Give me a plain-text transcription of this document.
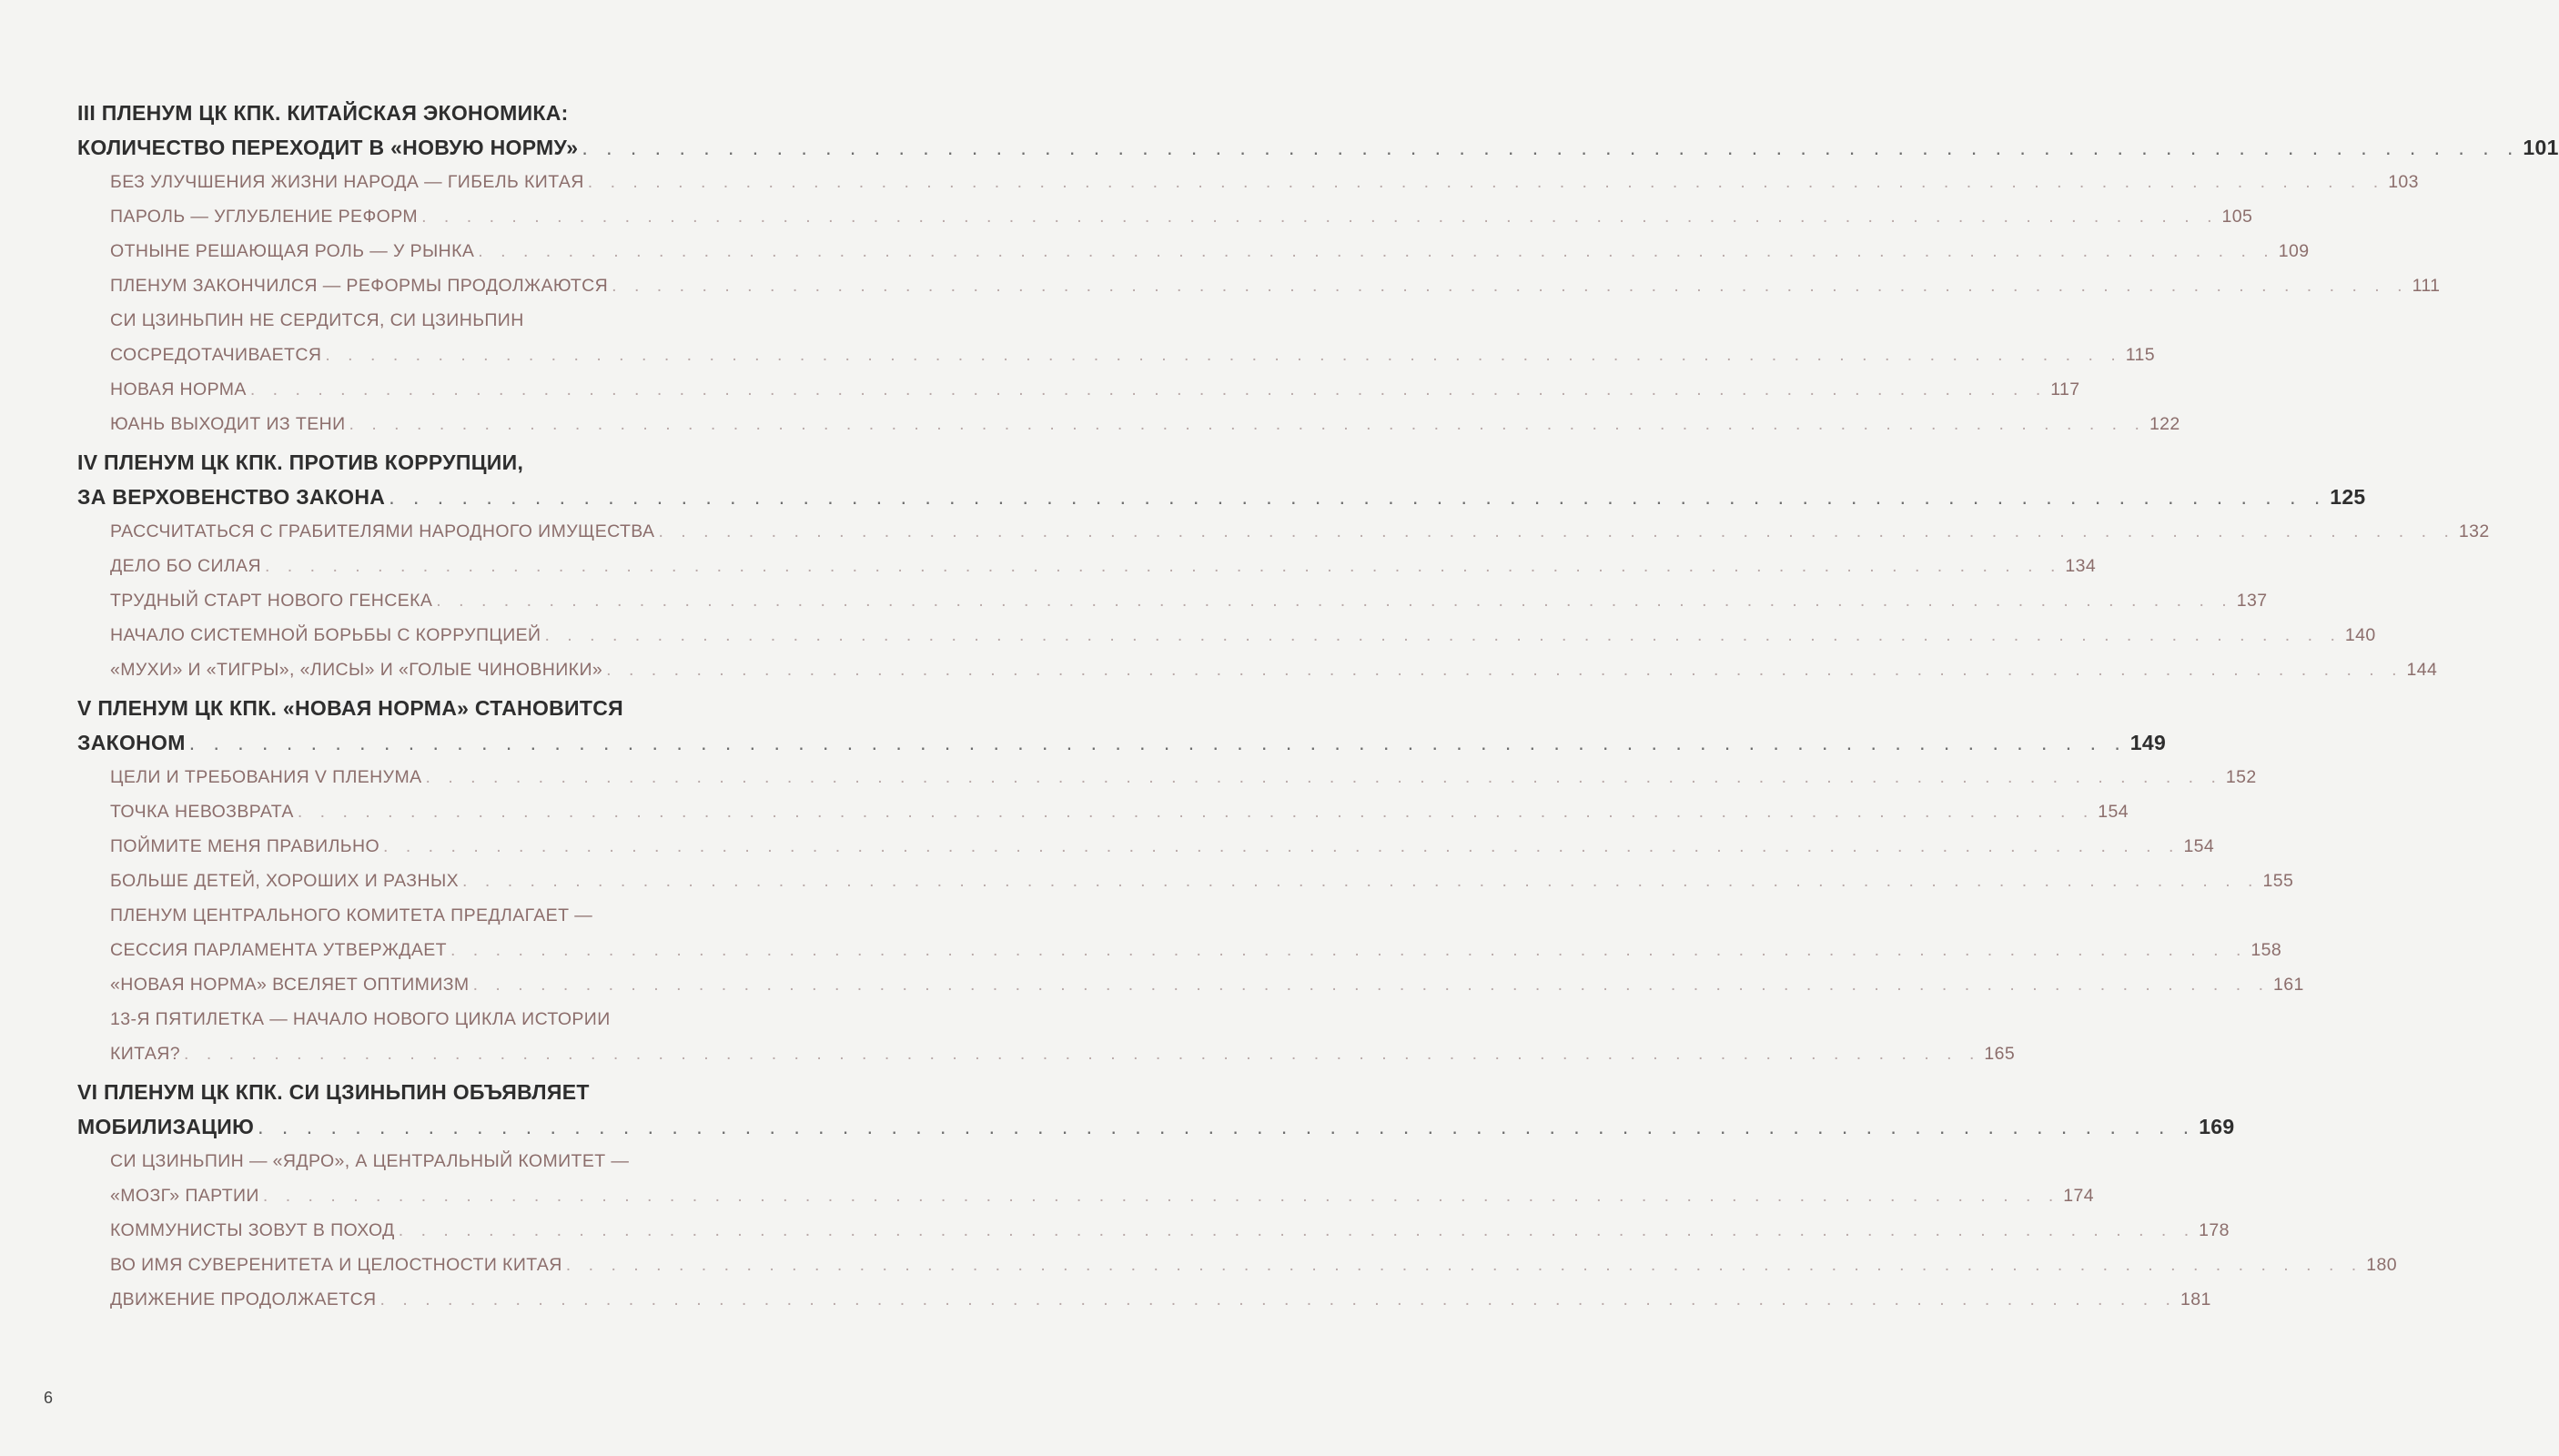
III ПЛЕНУМ ЦК КПК. КИТАЙСКАЯ ЭКОНОМИКА:
КОЛИЧЕСТВО ПЕРЕХОДИТ В «НОВУЮ НОРМУ» . . . . . . . . . . . . . . . . . . . . . . . . . . . . . . . . . . . . . . . . . . . . . . . . . . . . . . . . . . . . . . . . . . . . . . . . . . . . . . . . 101
БЕЗ УЛУЧШЕНИЯ ЖИЗНИ НАРОДА — ГИБЕЛЬ КИТАЯ . . . . . . . . . . . . . . . . . . . . . . . . . . . . . . . . . . . . . . . . . . . . . . . . . . . . . . . . . . . . . . . . . . . . . . . . . . . . . . . . 103
ПАРОЛЬ — УГЛУБЛЕНИЕ РЕФОРМ . . . . . . . . . . . . . . . . . . . . . . . . . . . . . . . . . . . . . . . . . . . . . . . . . . . . . . . . . . . . . . . . . . . . . . . . . . . . . . . . 105
ОТНЫНЕ РЕШАЮЩАЯ РОЛЬ — У РЫНКА . . . . . . . . . . . . . . . . . . . . . . . . . . . . . . . . . . . . . . . . . . . . . . . . . . . . . . . . . . . . . . . . . . . . . . . . . . . . . . . . 109
ПЛЕНУМ ЗАКОНЧИЛСЯ — РЕФОРМЫ ПРОДОЛЖАЮТСЯ . . . . . . . . . . . . . . . . . . . . . . . . . . . . . . . . . . . . . . . . . . . . . . . . . . . . . . . . . . . . . . . . . . . . . . . . . . . . . . . . 111
СИ ЦЗИНЬПИН НЕ СЕРДИТСЯ, СИ ЦЗИНЬПИН
СОСРЕДОТАЧИВАЕТСЯ . . . . . . . . . . . . . . . . . . . . . . . . . . . . . . . . . . . . . . . . . . . . . . . . . . . . . . . . . . . . . . . . . . . . . . . . . . . . . . . . 115
НОВАЯ НОРМА . . . . . . . . . . . . . . . . . . . . . . . . . . . . . . . . . . . . . . . . . . . . . . . . . . . . . . . . . . . . . . . . . . . . . . . . . . . . . . . . 117
ЮАНЬ ВЫХОДИТ ИЗ ТЕНИ . . . . . . . . . . . . . . . . . . . . . . . . . . . . . . . . . . . . . . . . . . . . . . . . . . . . . . . . . . . . . . . . . . . . . . . . . . . . . . . . 122
IV ПЛЕНУМ ЦК КПК. ПРОТИВ КОРРУПЦИИ,
ЗА ВЕРХОВЕНСТВО ЗАКОНА . . . . . . . . . . . . . . . . . . . . . . . . . . . . . . . . . . . . . . . . . . . . . . . . . . . . . . . . . . . . . . . . . . . . . . . . . . . . . . . . 125
РАССЧИТАТЬСЯ С ГРАБИТЕЛЯМИ НАРОДНОГО ИМУЩЕСТВА . . . . . . . . . . . . . . . . . . . . . . . . . . . . . . . . . . . . . . . . . . . . . . . . . . . . . . . . . . . . . . . . . . . . . . . . . . . . . . . . 132
ДЕЛО БО СИЛАЯ . . . . . . . . . . . . . . . . . . . . . . . . . . . . . . . . . . . . . . . . . . . . . . . . . . . . . . . . . . . . . . . . . . . . . . . . . . . . . . . . 134
ТРУДНЫЙ СТАРТ НОВОГО ГЕНСЕКА . . . . . . . . . . . . . . . . . . . . . . . . . . . . . . . . . . . . . . . . . . . . . . . . . . . . . . . . . . . . . . . . . . . . . . . . . . . . . . . . 137
НАЧАЛО СИСТЕМНОЙ БОРЬБЫ С КОРРУПЦИЕЙ . . . . . . . . . . . . . . . . . . . . . . . . . . . . . . . . . . . . . . . . . . . . . . . . . . . . . . . . . . . . . . . . . . . . . . . . . . . . . . . . 140
«МУХИ» И «ТИГРЫ», «ЛИСЫ» И «ГОЛЫЕ ЧИНОВНИКИ» . . . . . . . . . . . . . . . . . . . . . . . . . . . . . . . . . . . . . . . . . . . . . . . . . . . . . . . . . . . . . . . . . . . . . . . . . . . . . . . . 144
V ПЛЕНУМ ЦК КПК. «НОВАЯ НОРМА» СТАНОВИТСЯ
ЗАКОНОМ . . . . . . . . . . . . . . . . . . . . . . . . . . . . . . . . . . . . . . . . . . . . . . . . . . . . . . . . . . . . . . . . . . . . . . . . . . . . . . . . 149
ЦЕЛИ И ТРЕБОВАНИЯ V ПЛЕНУМА . . . . . . . . . . . . . . . . . . . . . . . . . . . . . . . . . . . . . . . . . . . . . . . . . . . . . . . . . . . . . . . . . . . . . . . . . . . . . . . . 152
ТОЧКА НЕВОЗВРАТА . . . . . . . . . . . . . . . . . . . . . . . . . . . . . . . . . . . . . . . . . . . . . . . . . . . . . . . . . . . . . . . . . . . . . . . . . . . . . . . . 154
ПОЙМИТЕ МЕНЯ ПРАВИЛЬНО . . . . . . . . . . . . . . . . . . . . . . . . . . . . . . . . . . . . . . . . . . . . . . . . . . . . . . . . . . . . . . . . . . . . . . . . . . . . . . . . 154
БОЛЬШЕ ДЕТЕЙ, ХОРОШИХ И РАЗНЫХ . . . . . . . . . . . . . . . . . . . . . . . . . . . . . . . . . . . . . . . . . . . . . . . . . . . . . . . . . . . . . . . . . . . . . . . . . . . . . . . . 155
ПЛЕНУМ ЦЕНТРАЛЬНОГО КОМИТЕТА ПРЕДЛАГАЕТ —
СЕССИЯ ПАРЛАМЕНТА УТВЕРЖДАЕТ . . . . . . . . . . . . . . . . . . . . . . . . . . . . . . . . . . . . . . . . . . . . . . . . . . . . . . . . . . . . . . . . . . . . . . . . . . . . . . . . 158
«НОВАЯ НОРМА» ВСЕЛЯЕТ ОПТИМИЗМ . . . . . . . . . . . . . . . . . . . . . . . . . . . . . . . . . . . . . . . . . . . . . . . . . . . . . . . . . . . . . . . . . . . . . . . . . . . . . . . . 161
13-Я ПЯТИЛЕТКА — НАЧАЛО НОВОГО ЦИКЛА ИСТОРИИ
КИТАЯ? . . . . . . . . . . . . . . . . . . . . . . . . . . . . . . . . . . . . . . . . . . . . . . . . . . . . . . . . . . . . . . . . . . . . . . . . . . . . . . . . 165
VI ПЛЕНУМ ЦК КПК. СИ ЦЗИНЬПИН ОБЪЯВЛЯЕТ
МОБИЛИЗАЦИЮ . . . . . . . . . . . . . . . . . . . . . . . . . . . . . . . . . . . . . . . . . . . . . . . . . . . . . . . . . . . . . . . . . . . . . . . . . . . . . . . . 169
СИ ЦЗИНЬПИН — «ЯДРО», А ЦЕНТРАЛЬНЫЙ КОМИТЕТ —
«МОЗГ» ПАРТИИ . . . . . . . . . . . . . . . . . . . . . . . . . . . . . . . . . . . . . . . . . . . . . . . . . . . . . . . . . . . . . . . . . . . . . . . . . . . . . . . . 174
КОММУНИСТЫ ЗОВУТ В ПОХОД . . . . . . . . . . . . . . . . . . . . . . . . . . . . . . . . . . . . . . . . . . . . . . . . . . . . . . . . . . . . . . . . . . . . . . . . . . . . . . . . 178
ВО ИМЯ СУВЕРЕНИТЕТА И ЦЕЛОСТНОСТИ КИТАЯ . . . . . . . . . . . . . . . . . . . . . . . . . . . . . . . . . . . . . . . . . . . . . . . . . . . . . . . . . . . . . . . . . . . . . . . . . . . . . . . . 180
ДВИЖЕНИЕ ПРОДОЛЖАЕТСЯ . . . . . . . . . . . . . . . . . . . . . . . . . . . . . . . . . . . . . . . . . . . . . . . . . . . . . . . . . . . . . . . . . . . . . . . . . . . . . . . . 181
6
